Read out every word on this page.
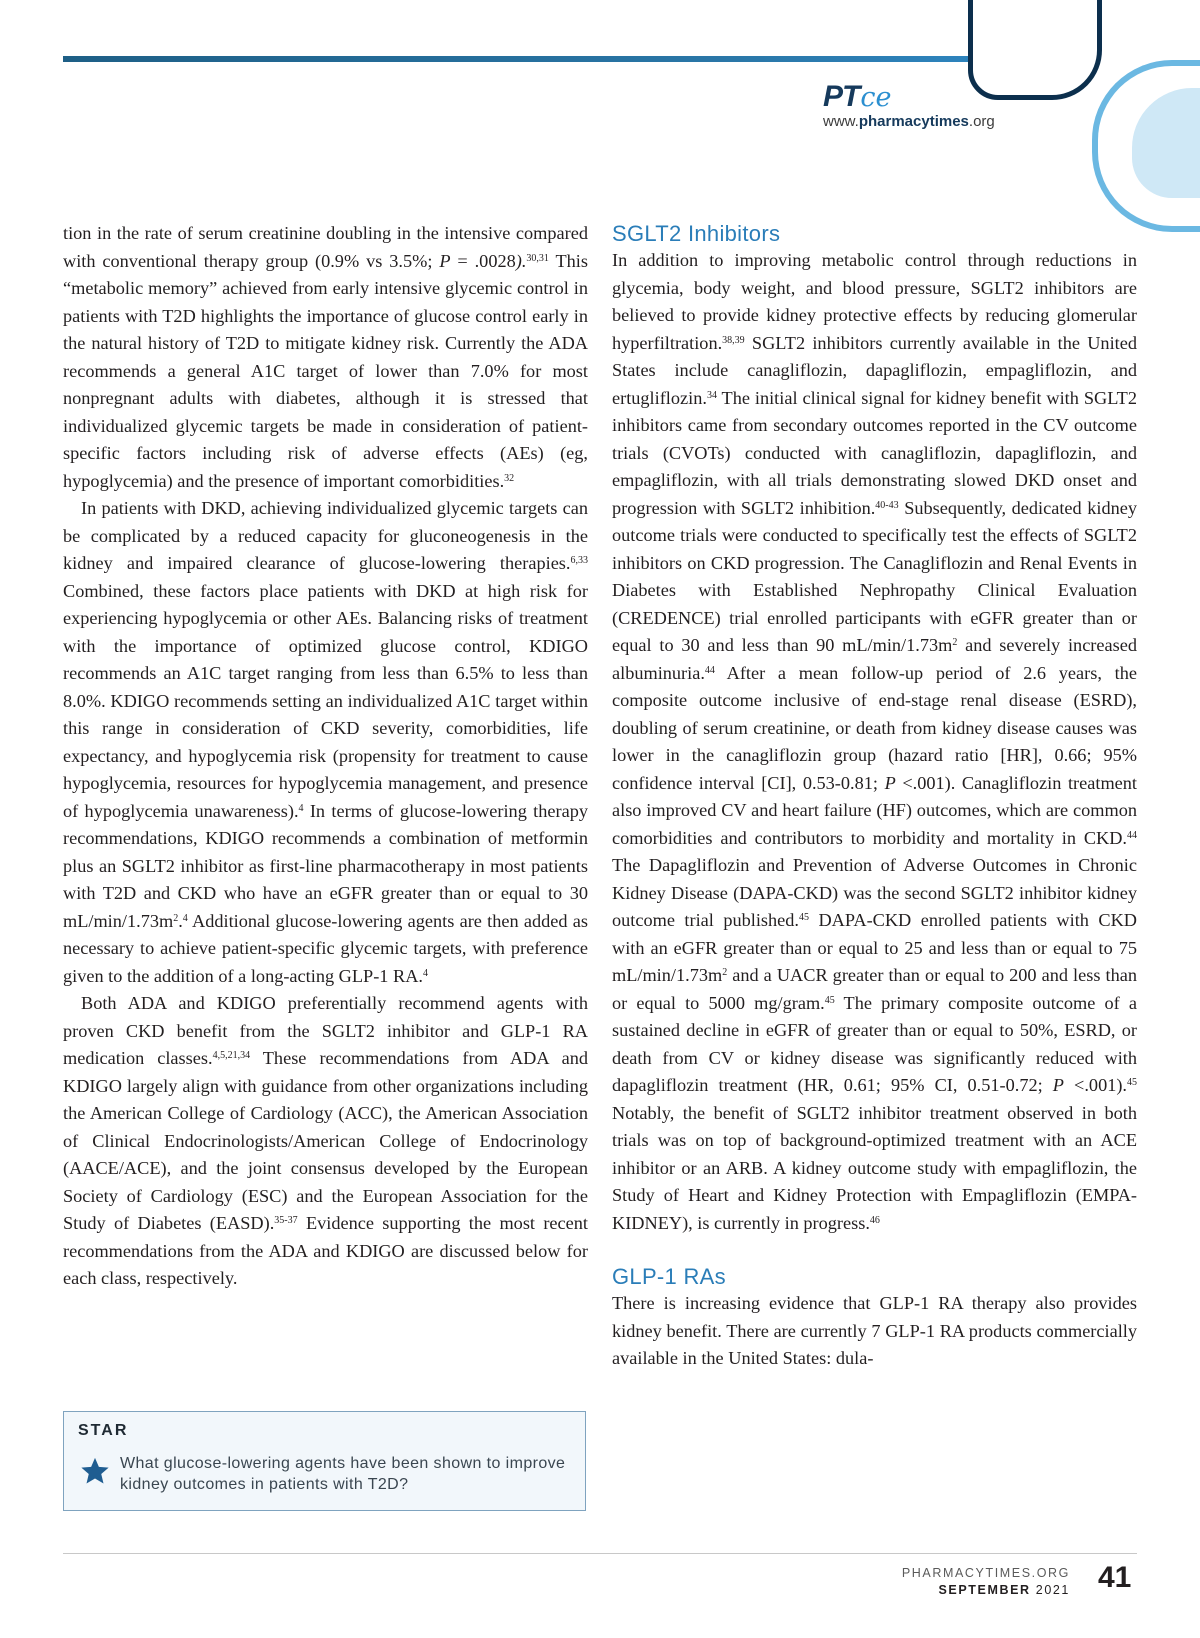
PT ce
www.pharmacytimes.org

tion in the rate of serum creatinine doubling in the intensive compared with conventional therapy group (0.9% vs 3.5%; P = .0028).$^{30,31}$ This “metabolic memory” achieved from early intensive glycemic control in patients with T2D highlights the importance of glucose control early in the natural history of T2D to mitigate kidney risk. Currently the ADA recommends a general A1C target of lower than 7.0% for most nonpregnant adults with diabetes, although it is stressed that individualized glycemic targets be made in consideration of patient-specific factors including risk of adverse effects (AEs) (eg, hypoglycemia) and the presence of important comorbidities.$^{32}$

In patients with DKD, achieving individualized glycemic targets can be complicated by a reduced capacity for gluconeogenesis in the kidney and impaired clearance of glucose-lowering therapies.$^{6,33}$ Combined, these factors place patients with DKD at high risk for experiencing hypoglycemia or other AEs. Balancing risks of treatment with the importance of optimized glucose control, KDIGO recommends an A1C target ranging from less than 6.5% to less than 8.0%. KDIGO recommends setting an individualized A1C target within this range in consideration of CKD severity, comorbidities, life expectancy, and hypoglycemia risk (propensity for treatment to cause hypoglycemia, resources for hypoglycemia management, and presence of hypoglycemia unawareness).$^4$ In terms of glucose-lowering therapy recommendations, KDIGO recommends a combination of metformin plus an SGLT2 inhibitor as first-line pharmacotherapy in most patients with T2D and CKD who have an eGFR greater than or equal to 30 $mL/\min/1.73m^2.^4$ Additional glucose-lowering agents are then added as necessary to achieve patient-specific glycemic targets, with preference given to the addition of a long-acting GLP-1 RA.$^4$

Both ADA and KDIGO preferentially recommend agents with proven CKD benefit from the SGLT2 inhibitor and GLP-1 RA medication classes.$^{4,5,21,34}$ These recommendations from ADA and KDIGO largely align with guidance from other organizations including the American College of Cardiology (ACC), the American Association of Clinical Endocrinologists/American College of Endocrinology (AACE/ACE), and the joint consensus developed by the European Society of Cardiology (ESC) and the European Association for the Study of Diabetes (EASD).$^{35-37}$ Evidence supporting the most recent recommendations from the ADA and KDIGO are discussed below for each class, respectively.

STAR
What glucose-lowering agents have been shown to improve kidney outcomes in patients with T2D?
SGLT2 Inhibitors

In addition to improving metabolic control through reductions in glycemia, body weight, and blood pressure, SGLT2 inhibitors are believed to provide kidney protective effects by reducing glomerular hyperfiltration.$^{38,39}$ SGLT2 inhibitors currently available in the United States include canagliflozin, dapagliflozin, empagliflozin, and ertugliflozin.$^{34}$ The initial clinical signal for kidney benefit with SGLT2 inhibitors came from secondary outcomes reported in the CV outcome trials (CVOTs) conducted with canagliflozin, dapagliflozin, and empagliflozin, with all trials demonstrating slowed DKD onset and progression with SGLT2 inhibition.$^{40-43}$ Subsequently, dedicated kidney outcome trials were conducted to specifically test the effects of SGLT2 inhibitors on CKD progression. The Canagliflozin and Renal Events in Diabetes with Established Nephropathy Clinical Evaluation (CREDENCE) trial enrolled participants with eGFR greater than or equal to 30 and less than 90 $mL/\min/1.73m^2$ and severely increased albuminuria.$^{44}$ After a mean follow-up period of 2.6 years, the composite outcome inclusive of end-stage renal disease (ESRD), doubling of serum creatinine, or death from kidney disease causes was lower in the canagliflozin group (hazard ratio [HR], 0.66; 95% confidence interval [CI], 0.53-0.81; P <.001). Canagliflozin treatment also improved CV and heart failure (HF) outcomes, which are common comorbidities and contributors to morbidity and mortality in CKD.$^{44}$ The Dapagliflozin and Prevention of Adverse Outcomes in Chronic Kidney Disease (DAPA-CKD) was the second SGLT2 inhibitor kidney outcome trial published.$^{45}$ DAPA-CKD enrolled patients with CKD with an eGFR greater than or equal to 25 and less than or equal to 75 $mL/\min/1.73m^2$ and a UACR greater than or equal to 200 and less than or equal to 5000 mg/gram.$^{45}$ The primary composite outcome of a sustained decline in eGFR of greater than or equal to 50%, ESRD, or death from CV or kidney disease was significantly reduced with dapagliflozin treatment (HR, 0.61; 95% CI, 0.51-0.72; P <.001).$^{45}$ Notably, the benefit of SGLT2 inhibitor treatment observed in both trials was on top of background-optimized treatment with an ACE inhibitor or an ARB. A kidney outcome study with empagliflozin, the Study of Heart and Kidney Protection with Empagliflozin (EMPA-KIDNEY), is currently in progress.$^{46}$

GLP-1 RAs

There is increasing evidence that GLP-1 RA therapy also provides kidney benefit. There are currently 7 GLP-1 RA products commercially available in the United States: dula-

PHARMACYTIMES.ORG
SEPTEMBER 2021 41
